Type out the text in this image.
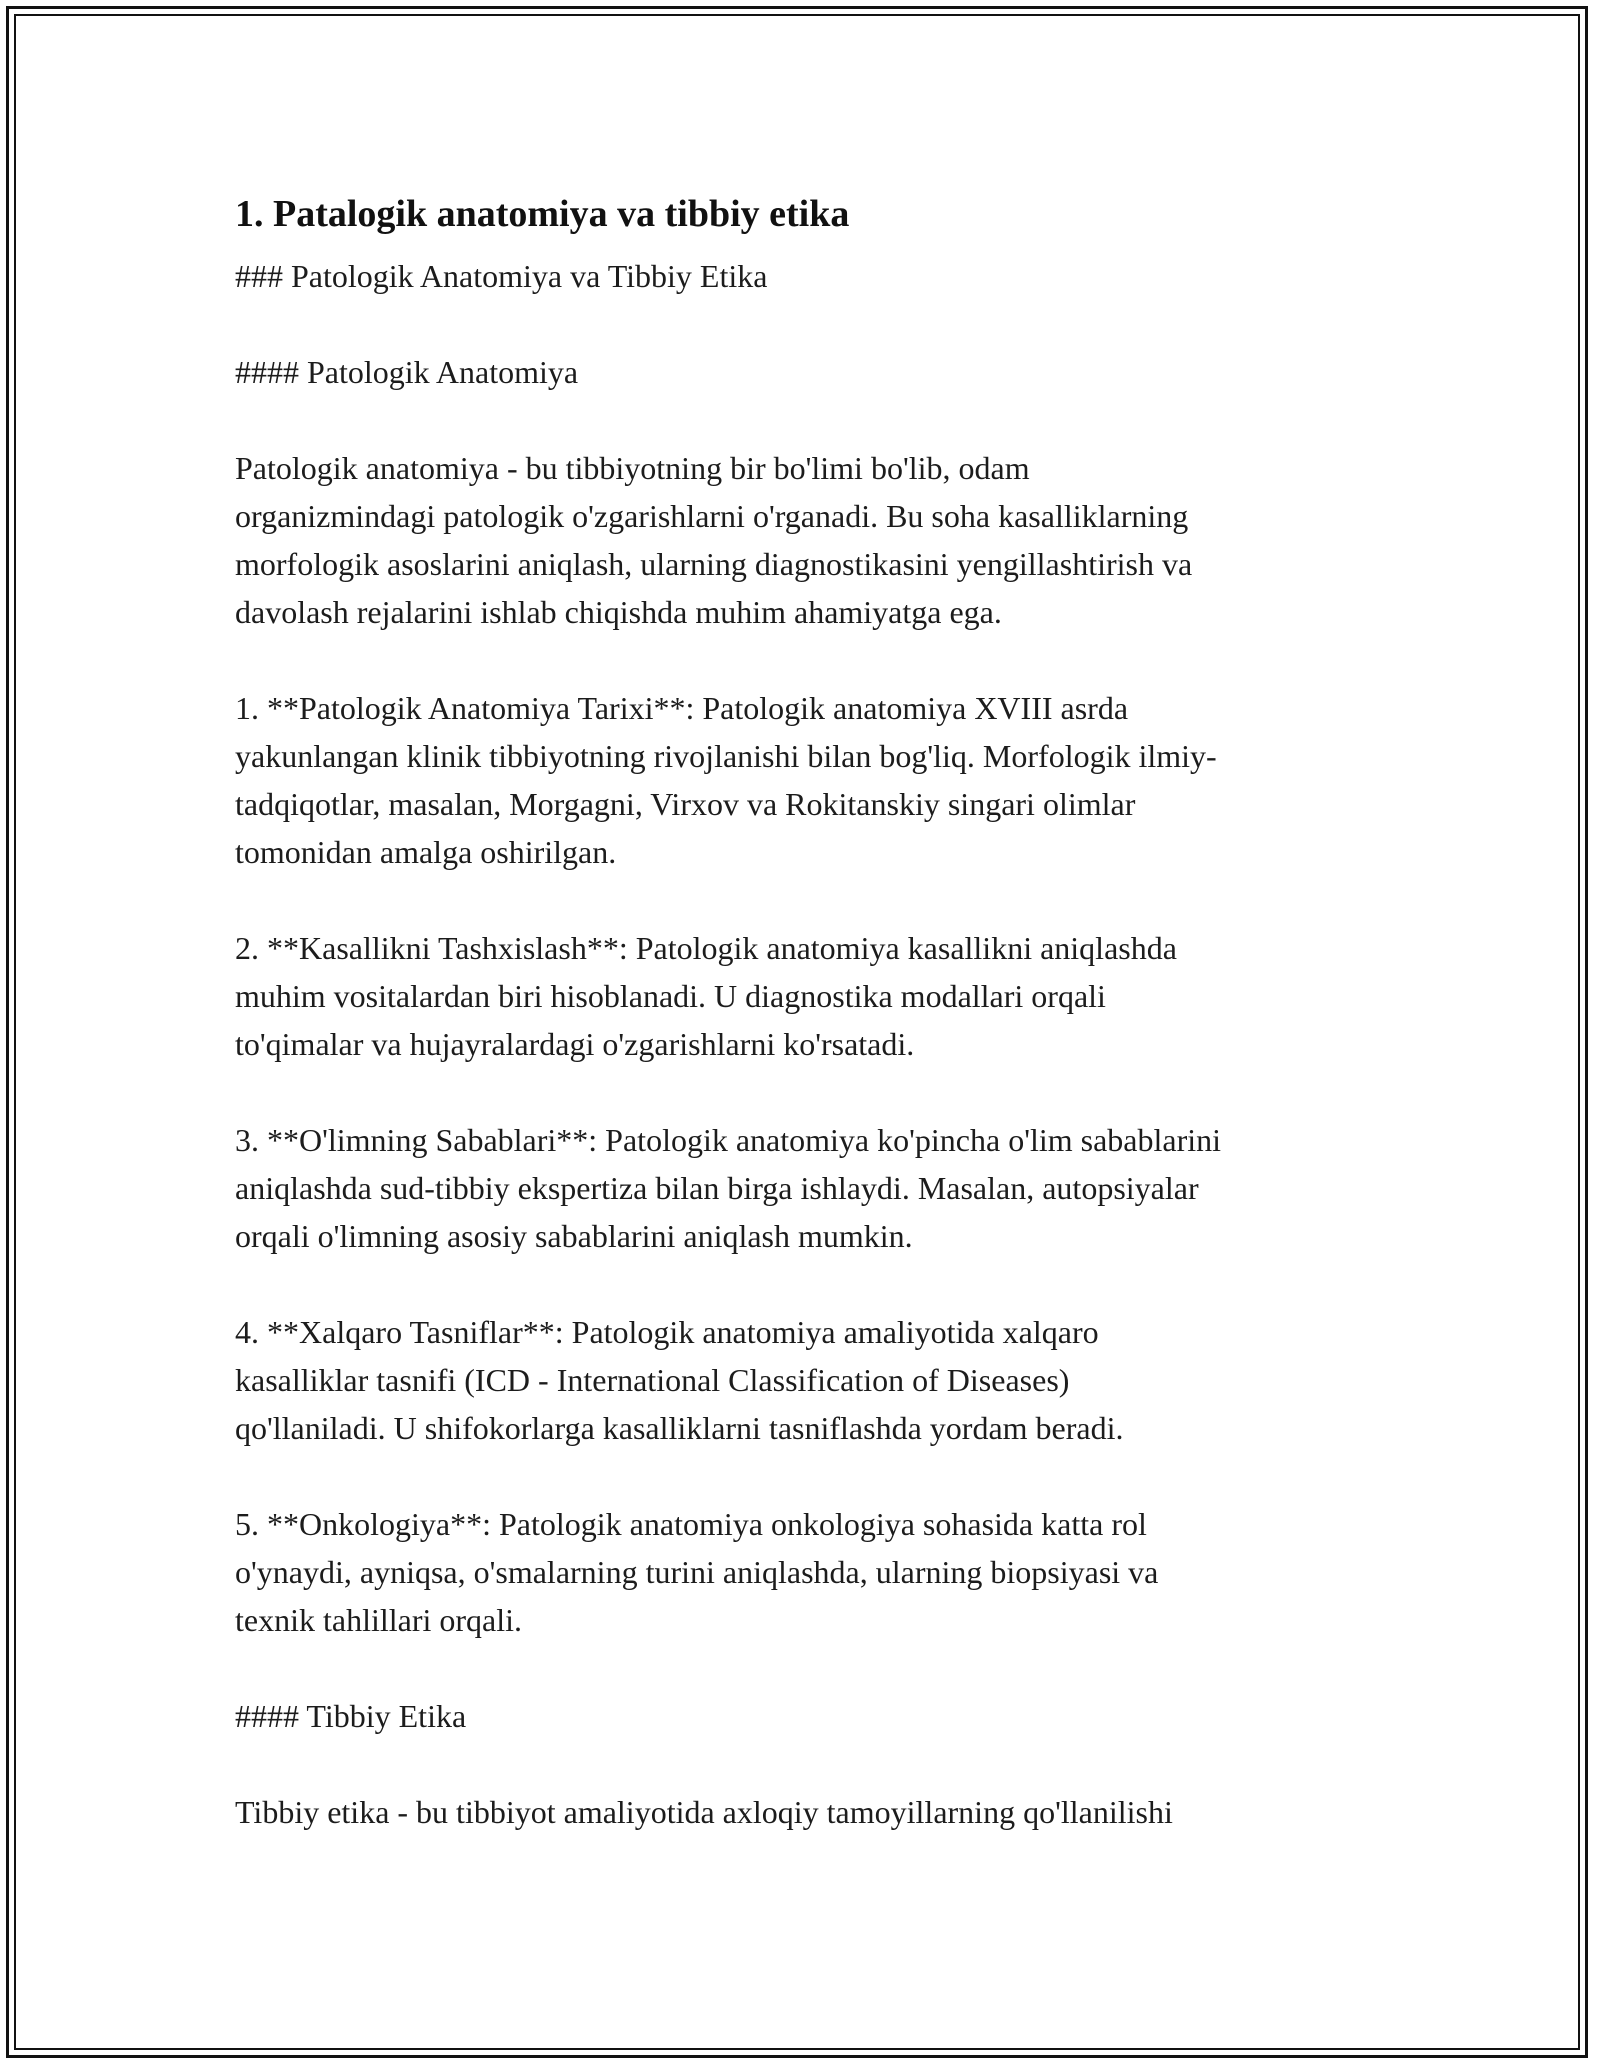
1. Patalogik anatomiya va tibbiy etika

### Patologik Anatomiya va Tibbiy Etika

#### Patologik Anatomiya

Patologik anatomiya - bu tibbiyotning bir bo'limi bo'lib, odam
organizmindagi patologik o'zgarishlarni o'rganadi. Bu soha kasalliklarning
morfologik asoslarini aniqlash, ularning diagnostikasini yengillashtirish va
davolash rejalarini ishlab chiqishda muhim ahamiyatga ega.

1. **Patologik Anatomiya Tarixi**: Patologik anatomiya XVIII asrda
yakunlangan klinik tibbiyotning rivojlanishi bilan bog'liq. Morfologik ilmiy-
tadqiqotlar, masalan, Morgagni, Virxov va Rokitanskiy singari olimlar
tomonidan amalga oshirilgan.

2. **Kasallikni Tashxislash**: Patologik anatomiya kasallikni aniqlashda
muhim vositalardan biri hisoblanadi. U diagnostika modallari orqali
to'qimalar va hujayralardagi o'zgarishlarni ko'rsatadi.

3. **O'limning Sabablari**: Patologik anatomiya ko'pincha o'lim sabablarini
aniqlashda sud-tibbiy ekspertiza bilan birga ishlaydi. Masalan, autopsiyalar
orqali o'limning asosiy sabablarini aniqlash mumkin.

4. **Xalqaro Tasniflar**: Patologik anatomiya amaliyotida xalqaro
kasalliklar tasnifi (ICD - International Classification of Diseases)
qo'llaniladi. U shifokorlarga kasalliklarni tasniflashda yordam beradi.

5. **Onkologiya**: Patologik anatomiya onkologiya sohasida katta rol
o'ynaydi, ayniqsa, o'smalarning turini aniqlashda, ularning biopsiyasi va
texnik tahlillari orqali.

#### Tibbiy Etika

Tibbiy etika - bu tibbiyot amaliyotida axloqiy tamoyillarning qo'llanilishi
